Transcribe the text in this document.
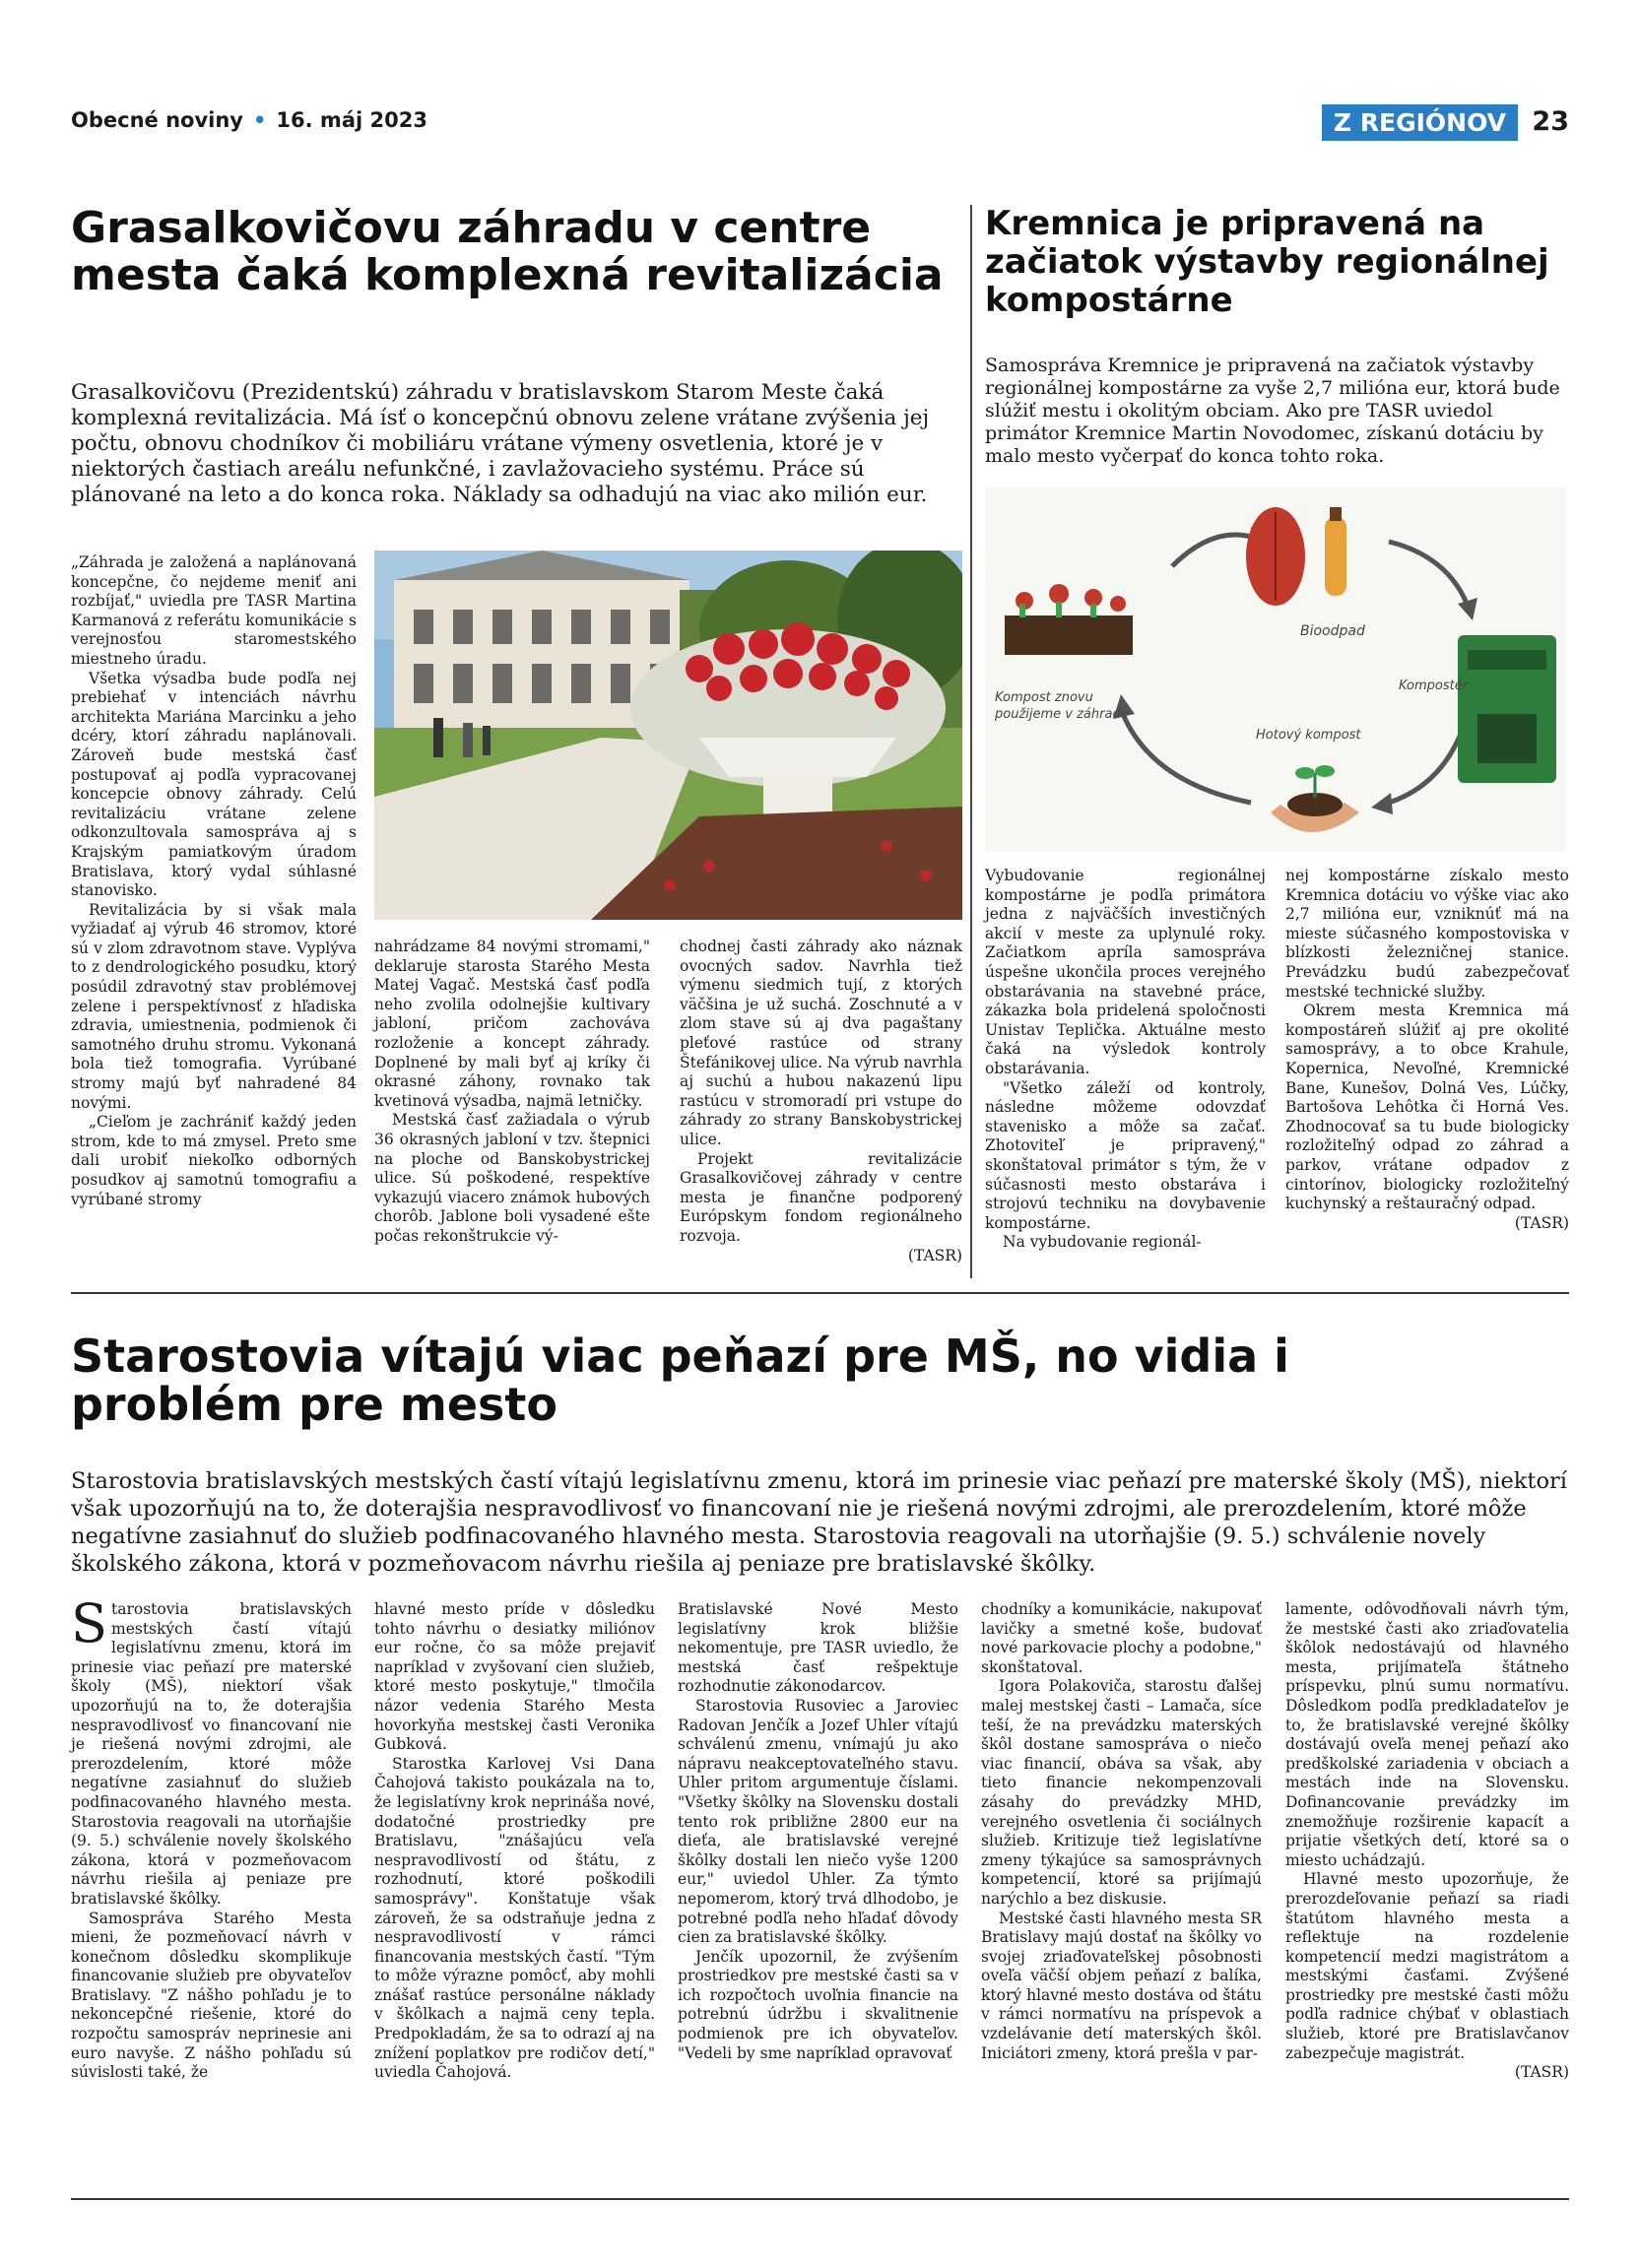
Obecné noviny • 16. máj 2023	Z REGIÓNOV 23
Grasalkovičovu záhradu v centre mesta čaká komplexná revitalizácia
Grasalkovičovu (Prezidentskú) záhradu v bratislavskom Starom Meste čaká komplexná revitalizácia. Má ísť o koncepčnú obnovu zelene vrátane zvýšenia jej počtu, obnovu chodníkov či mobiliáru vrátane výmeny osvetlenia, ktoré je v niektorých častiach areálu nefunkčné, i zavlažovacieho systému. Práce sú plánované na leto a do konca roka. Náklady sa odhadujú na viac ako milión eur.

„Záhrada je založená a naplánovaná koncepčne, čo nejdeme meniť ani rozbíjať," uviedla pre TASR Martina Karmanová z referátu komunikácie s verejnosťou staromestského miestneho úradu.

Všetka výsadba bude podľa nej prebiehať v intenciách návrhu architekta Mariána Marcinku a jeho dcéry, ktorí záhradu naplánovali. Zároveň bude mestská časť postupovať aj podľa vypracovanej koncepcie obnovy záhrady. Celú revitalizáciu vrátane zelene odkonzultovala samospráva aj s Krajským pamiatkovým úradom Bratislava, ktorý vydal súhlasné stanovisko.

Revitalizácia by si však mala vyžiadať aj výrub 46 stromov, ktoré sú v zlom zdravotnom stave. Vyplýva to z dendrologického posudku, ktorý posúdil zdravotný stav problémovej zelene i perspektívnosť z hľadiska zdravia, umiestnenia, podmienok či samotného druhu stromu. Vykonaná bola tiež tomografia. Vyrúbané stromy majú byť nahradené 84 novými.

„Cieľom je zachrániť každý jeden strom, kde to má zmysel. Preto sme dali urobiť niekoľko odborných posudkov aj samotnú tomografiu a vyrúbané stromy

nahrádzame 84 novými stromami," deklaruje starosta Starého Mesta Matej Vagač. Mestská časť podľa neho zvolila odolnejšie kultivary jabloní, pričom zachováva rozloženie a koncept záhrady. Doplnené by mali byť aj kríky či okrasné záhony, rovnako tak kvetinová výsadba, najmä letničky.

Mestská časť zažiadala o výrub 36 okrasných jabloní v tzv. štepnici na ploche od Banskobystrickej ulice. Sú poškodené, respektíve vykazujú viacero známok hubových chorôb. Jablone boli vysadené ešte počas rekonštrukcie vý-

chodnej časti záhrady ako náznak ovocných sadov. Navrhla tiež výmenu siedmich tují, z ktorých väčšina je už suchá. Zoschnuté a v zlom stave sú aj dva pagaštany pleťové rastúce od strany Štefánikovej ulice. Na výrub navrhla aj suchú a hubou nakazenú lipu rastúcu v stromoradí pri vstupe do záhrady zo strany Banskobystrickej ulice.

Projekt revitalizácie Grasalkovičovej záhrady v centre mesta je finančne podporený Európskym fondom regionálneho rozvoja.

(TASR)

Kremnica je pripravená na začiatok výstavby regionálnej kompostárne
Samospráva Kremnice je pripravená na začiatok výstavby regionálnej kompostárne za vyše 2,7 milióna eur, ktorá bude slúžiť mestu i okolitým obciam. Ako pre TASR uviedol primátor Kremnice Martin Novodomec, získanú dotáciu by malo mesto vyčerpať do konca tohto roka.
Bioodpad
Kompostér
Hotový kompost
Kompost znovu použijeme v záhrade

Vybudovanie regionálnej kompostárne je podľa primátora jedna z najväčších investičných akcií v meste za uplynulé roky. Začiatkom apríla samospráva úspešne ukončila proces verejného obstarávania na stavebné práce, zákazka bola pridelená spoločnosti Unistav Teplička. Aktuálne mesto čaká na výsledok kontroly obstarávania.

"Všetko záleží od kontroly, následne môžeme odovzdať stavenisko a môže sa začať. Zhotoviteľ je pripravený," skonštatoval primátor s tým, že v súčasnosti mesto obstaráva i strojovú techniku na dovybavenie kompostárne.

Na vybudovanie regionál-

nej kompostárne získalo mesto Kremnica dotáciu vo výške viac ako 2,7 milióna eur, vzniknúť má na mieste súčasného kompostoviska v blízkosti železničnej stanice. Prevádzku budú zabezpečovať mestské technické služby.

Okrem mesta Kremnica má kompostáreň slúžiť aj pre okolité samosprávy, a to obce Krahule, Kopernica, Nevoľné, Kremnické Bane, Kunešov, Dolná Ves, Lúčky, Bartošova Lehôtka či Horná Ves. Zhodnocovať sa tu bude biologicky rozložiteľný odpad zo záhrad a parkov, vrátane odpadov z cintorínov, biologicky rozložiteľný kuchynský a reštauračný odpad.

(TASR)

Starostovia vítajú viac peňazí pre MŠ, no vidia i problém pre mesto
Starostovia bratislavských mestských častí vítajú legislatívnu zmenu, ktorá im prinesie viac peňazí pre materské školy (MŠ), niektorí však upozorňujú na to, že doterajšia nespravodlivosť vo financovaní nie je riešená novými zdrojmi, ale prerozdelením, ktoré môže negatívne zasiahnuť do služieb podfinacovaného hlavného mesta. Starostovia reagovali na utorňajšie (9. 5.) schválenie novely školského zákona, ktorá v pozmeňovacom návrhu riešila aj peniaze pre bratislavské škôlky.

Starostovia bratislavských mestských častí vítajú legislatívnu zmenu, ktorá im prinesie viac peňazí pre materské školy (MŠ), niektorí však upozorňujú na to, že doterajšia nespravodlivosť vo financovaní nie je riešená novými zdrojmi, ale prerozdelením, ktoré môže negatívne zasiahnuť do služieb podfinacovaného hlavného mesta. Starostovia reagovali na utorňajšie (9. 5.) schválenie novely školského zákona, ktorá v pozmeňovacom návrhu riešila aj peniaze pre bratislavské škôlky.

Samospráva Starého Mesta mieni, že pozmeňovací návrh v konečnom dôsledku skomplikuje financovanie služieb pre obyvateľov Bratislavy. "Z nášho pohľadu je to nekoncepčné riešenie, ktoré do rozpočtu samospráv neprinesie ani euro navyše. Z nášho pohľadu sú súvislosti také, že

hlavné mesto príde v dôsledku tohto návrhu o desiatky miliónov eur ročne, čo sa môže prejaviť napríklad v zvyšovaní cien služieb, ktoré mesto poskytuje," tlmočila názor vedenia Starého Mesta hovorkyňa mestskej časti Veronika Gubková.

Starostka Karlovej Vsi Dana Čahojová takisto poukázala na to, že legislatívny krok neprináša nové, dodatočné prostriedky pre Bratislavu, "znášajúcu veľa nespravodlivostí od štátu, z rozhodnutí, ktoré poškodili samosprávy". Konštatuje však zároveň, že sa odstraňuje jedna z nespravodlivostí v rámci financovania mestských častí. "Tým to môže výrazne pomôcť, aby mohli znášať rastúce personálne náklady v škôlkach a najmä ceny tepla. Predpokladám, že sa to odrazí aj na znížení poplatkov pre rodičov detí," uviedla Čahojová.

Bratislavské Nové Mesto legislatívny krok bližšie nekomentuje, pre TASR uviedlo, že mestská časť rešpektuje rozhodnutie zákonodarcov.

Starostovia Rusoviec a Jaroviec Radovan Jenčík a Jozef Uhler vítajú schválenú zmenu, vnímajú ju ako nápravu neakceptovateľného stavu. Uhler pritom argumentuje číslami. "Všetky škôlky na Slovensku dostali tento rok približne 2800 eur na dieťa, ale bratislavské verejné škôlky dostali len niečo vyše 1200 eur," uviedol Uhler. Za týmto nepomerom, ktorý trvá dlhodobo, je potrebné podľa neho hľadať dôvody cien za bratislavské škôlky.

Jenčík upozornil, že zvýšením prostriedkov pre mestské časti sa v ich rozpočtoch uvoľnia financie na potrebnú údržbu i skvalitnenie podmienok pre ich obyvateľov. "Vedeli by sme napríklad opravovať

chodníky a komunikácie, nakupovať lavičky a smetné koše, budovať nové parkovacie plochy a podobne," skonštatoval.

Igora Polakoviča, starostu ďalšej malej mestskej časti – Lamača, síce teší, že na prevádzku materských škôl dostane samospráva o niečo viac financií, obáva sa však, aby tieto financie nekompenzovali zásahy do prevádzky MHD, verejného osvetlenia či sociálnych služieb. Kritizuje tiež legislatívne zmeny týkajúce sa samosprávnych kompetencií, ktoré sa prijímajú narýchlo a bez diskusie.

Mestské časti hlavného mesta SR Bratislavy majú dostať na škôlky vo svojej zriaďovateľskej pôsobnosti oveľa väčší objem peňazí z balíka, ktorý hlavné mesto dostáva od štátu v rámci normatívu na príspevok a vzdelávanie detí materských škôl. Iniciátori zmeny, ktorá prešla v par-

lamente, odôvodňovali návrh tým, že mestské časti ako zriaďovatelia škôlok nedostávajú od hlavného mesta, prijímateľa štátneho príspevku, plnú sumu normatívu. Dôsledkom podľa predkladateľov je to, že bratislavské verejné škôlky dostávajú oveľa menej peňazí ako predškolské zariadenia v obciach a mestách inde na Slovensku. Dofinancovanie prevádzky im znemožňuje rozširenie kapacít a prijatie všetkých detí, ktoré sa o miesto uchádzajú.

Hlavné mesto upozorňuje, že prerozdeľovanie peňazí sa riadi štatútom hlavného mesta a reflektuje na rozdelenie kompetencií medzi magistrátom a mestskými časťami. Zvýšené prostriedky pre mestské časti môžu podľa radnice chýbať v oblastiach služieb, ktoré pre Bratislavčanov zabezpečuje magistrát.

(TASR)
